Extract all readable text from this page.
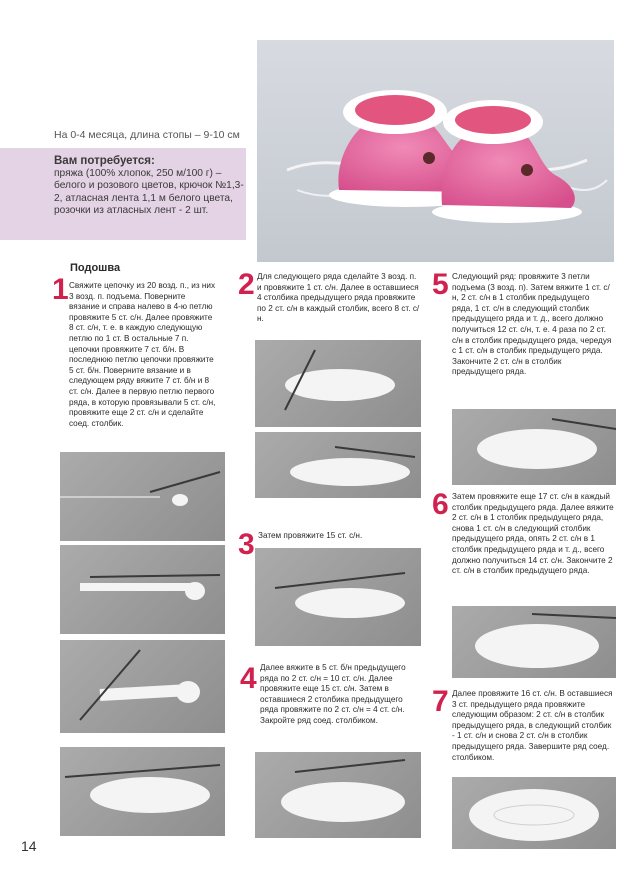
На 0-4 месяца, длина стопы – 9-10 см
Вам потребуется:
пряжа (100% хлопок, 250 м/100 г) – белого и розового цветов, крючок №1,3-2, атласная лента 1,1 м белого цвета, розочки из атласных лент - 2 шт.
Подошва
1 Свяжите цепочку из 20 возд. п., из них 3 возд. п. подъема. Поверните вязание и справа налево в 4-ю петлю провяжите 5 ст. с/н. Далее провяжите 8 ст. с/н, т. е. в каждую следующую петлю по 1 ст. В остальные 7 п. цепочки провяжите 7 ст. б/н. В последнюю петлю цепочки провяжите 5 ст. б/н. Поверните вязание и в следующем ряду вяжите 7 ст. б/н и 8 ст. с/н. Далее в первую петлю первого ряда, в которую провязывали 5 ст. с/н, провяжите еще 2 ст. с/н и сделайте соед. столбик.
14
2 Для следующего ряда сделайте 3 возд. п. и провяжите 1 ст. с/н. Далее в оставшиеся 4 столбика предыдущего ряда провяжите по 2 ст. с/н в каждый столбик, всего 8 ст. с/н.
3 Затем провяжите 15 ст. с/н.
4 Далее вяжите в 5 ст. б/н предыдущего ряда по 2 ст. с/н = 10 ст. с/н. Далее провяжите еще 15 ст. с/н. Затем в оставшиеся 2 столбика предыдущего ряда провяжите по 2 ст. с/н = 4 ст. с/н. Закройте ряд соед. столбиком.
5 Следующий ряд: провяжите 3 петли подъема (3 возд. п). Затем вяжите 1 ст. с/н, 2 ст. с/н в 1 столбик предыдущего ряда, 1 ст. с/н в следующий столбик предыдущего ряда и т. д., всего должно получиться 12 ст. с/н, т. е. 4 раза по 2 ст. с/н в столбик предыдущего ряда, чередуя с 1 ст. с/н в столбик предыдущего ряда. Закончите 2 ст. с/н в столбик предыдущего ряда.
6 Затем провяжите еще 17 ст. с/н в каждый столбик предыдущего ряда. Далее вяжите 2 ст. с/н в 1 столбик предыдущего ряда, снова 1 ст. с/н в следующий столбик предыдущего ряда, опять 2 ст. с/н в 1 столбик предыдущего ряда и т. д., всего должно получиться 14 ст. с/н. Закончите 2 ст. с/н в столбик предыдущего ряда.
7 Далее провяжите 16 ст. с/н. В оставшиеся 3 ст. предыдущего ряда провяжите следующим образом: 2 ст. с/н в столбик предыдущего ряда, в следующий столбик - 1 ст. с/н и снова 2 ст. с/н в столбик предыдущего ряда. Завершите ряд соед. столбиком.
